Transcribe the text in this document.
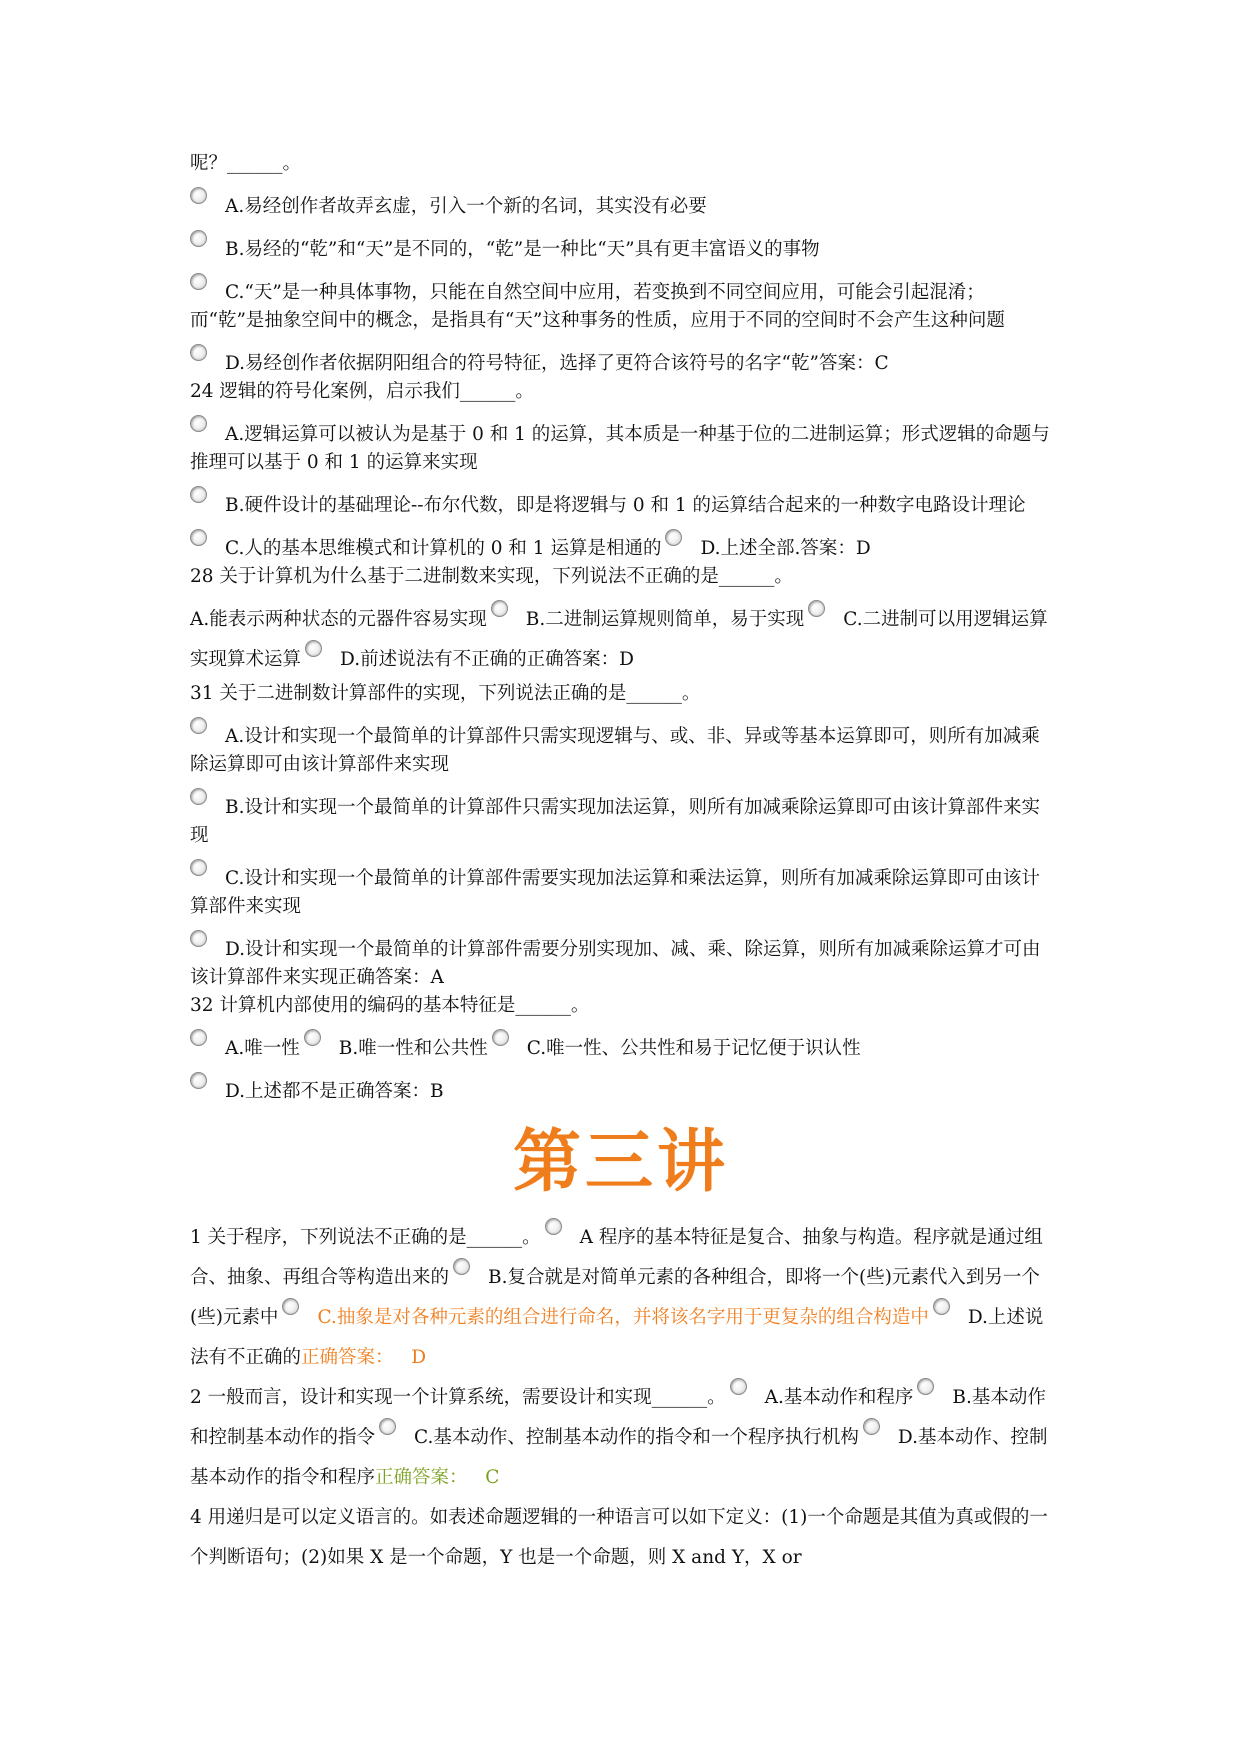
呢？______。

A.易经创作者故弄玄虚，引入一个新的名词，其实没有必要

B.易经的“乾”和“天”是不同的，“乾”是一种比“天”具有更丰富语义的事物

C.“天”是一种具体事物，只能在自然空间中应用，若变换到不同空间应用，可能会引起混淆；而“乾”是抽象空间中的概念，是指具有“天”这种事务的性质，应用于不同的空间时不会产生这种问题

D.易经创作者依据阴阳组合的符号特征，选择了更符合该符号的名字“乾”答案：C

24 逻辑的符号化案例，启示我们______。

A.逻辑运算可以被认为是基于 0 和 1 的运算，其本质是一种基于位的二进制运算；形式逻辑的命题与推理可以基于 0 和 1 的运算来实现

B.硬件设计的基础理论--布尔代数，即是将逻辑与 0 和 1 的运算结合起来的一种数字电路设计理论

C.人的基本思维模式和计算机的 0 和 1 运算是相通的 D.上述全部.答案：D

28 关于计算机为什么基于二进制数来实现，下列说法不正确的是______。

A.能表示两种状态的元器件容易实现 B.二进制运算规则简单，易于实现 C.二进制可以用逻辑运算实现算术运算 D.前述说法有不正确的正确答案：D

31 关于二进制数计算部件的实现，下列说法正确的是______。

A.设计和实现一个最简单的计算部件只需实现逻辑与、或、非、异或等基本运算即可，则所有加减乘除运算即可由该计算部件来实现

B.设计和实现一个最简单的计算部件只需实现加法运算，则所有加减乘除运算即可由该计算部件来实现

C.设计和实现一个最简单的计算部件需要实现加法运算和乘法运算，则所有加减乘除运算即可由该计算部件来实现

D.设计和实现一个最简单的计算部件需要分别实现加、减、乘、除运算，则所有加减乘除运算才可由该计算部件来实现正确答案：A

32 计算机内部使用的编码的基本特征是______。

A.唯一性 B.唯一性和公共性 C.唯一性、公共性和易于记忆便于识认性

D.上述都不是正确答案：B

第三讲

1 关于程序，下列说法不正确的是______。 A 程序的基本特征是复合、抽象与构造。程序就是通过组合、抽象、再组合等构造出来的 B.复合就是对简单元素的各种组合，即将一个(些)元素代入到另一个(些)元素中 C.抽象是对各种元素的组合进行命名，并将该名字用于更复杂的组合构造中 D.上述说法有不正确的正确答案： D

2 一般而言，设计和实现一个计算系统，需要设计和实现______。 A.基本动作和程序 B.基本动作和控制基本动作的指令 C.基本动作、控制基本动作的指令和一个程序执行机构 D.基本动作、控制基本动作的指令和程序正确答案： C

4 用递归是可以定义语言的。如表述命题逻辑的一种语言可以如下定义：(1)一个命题是其值为真或假的一个判断语句；(2)如果 X 是一个命题，Y 也是一个命题，则 X and Y，X or
